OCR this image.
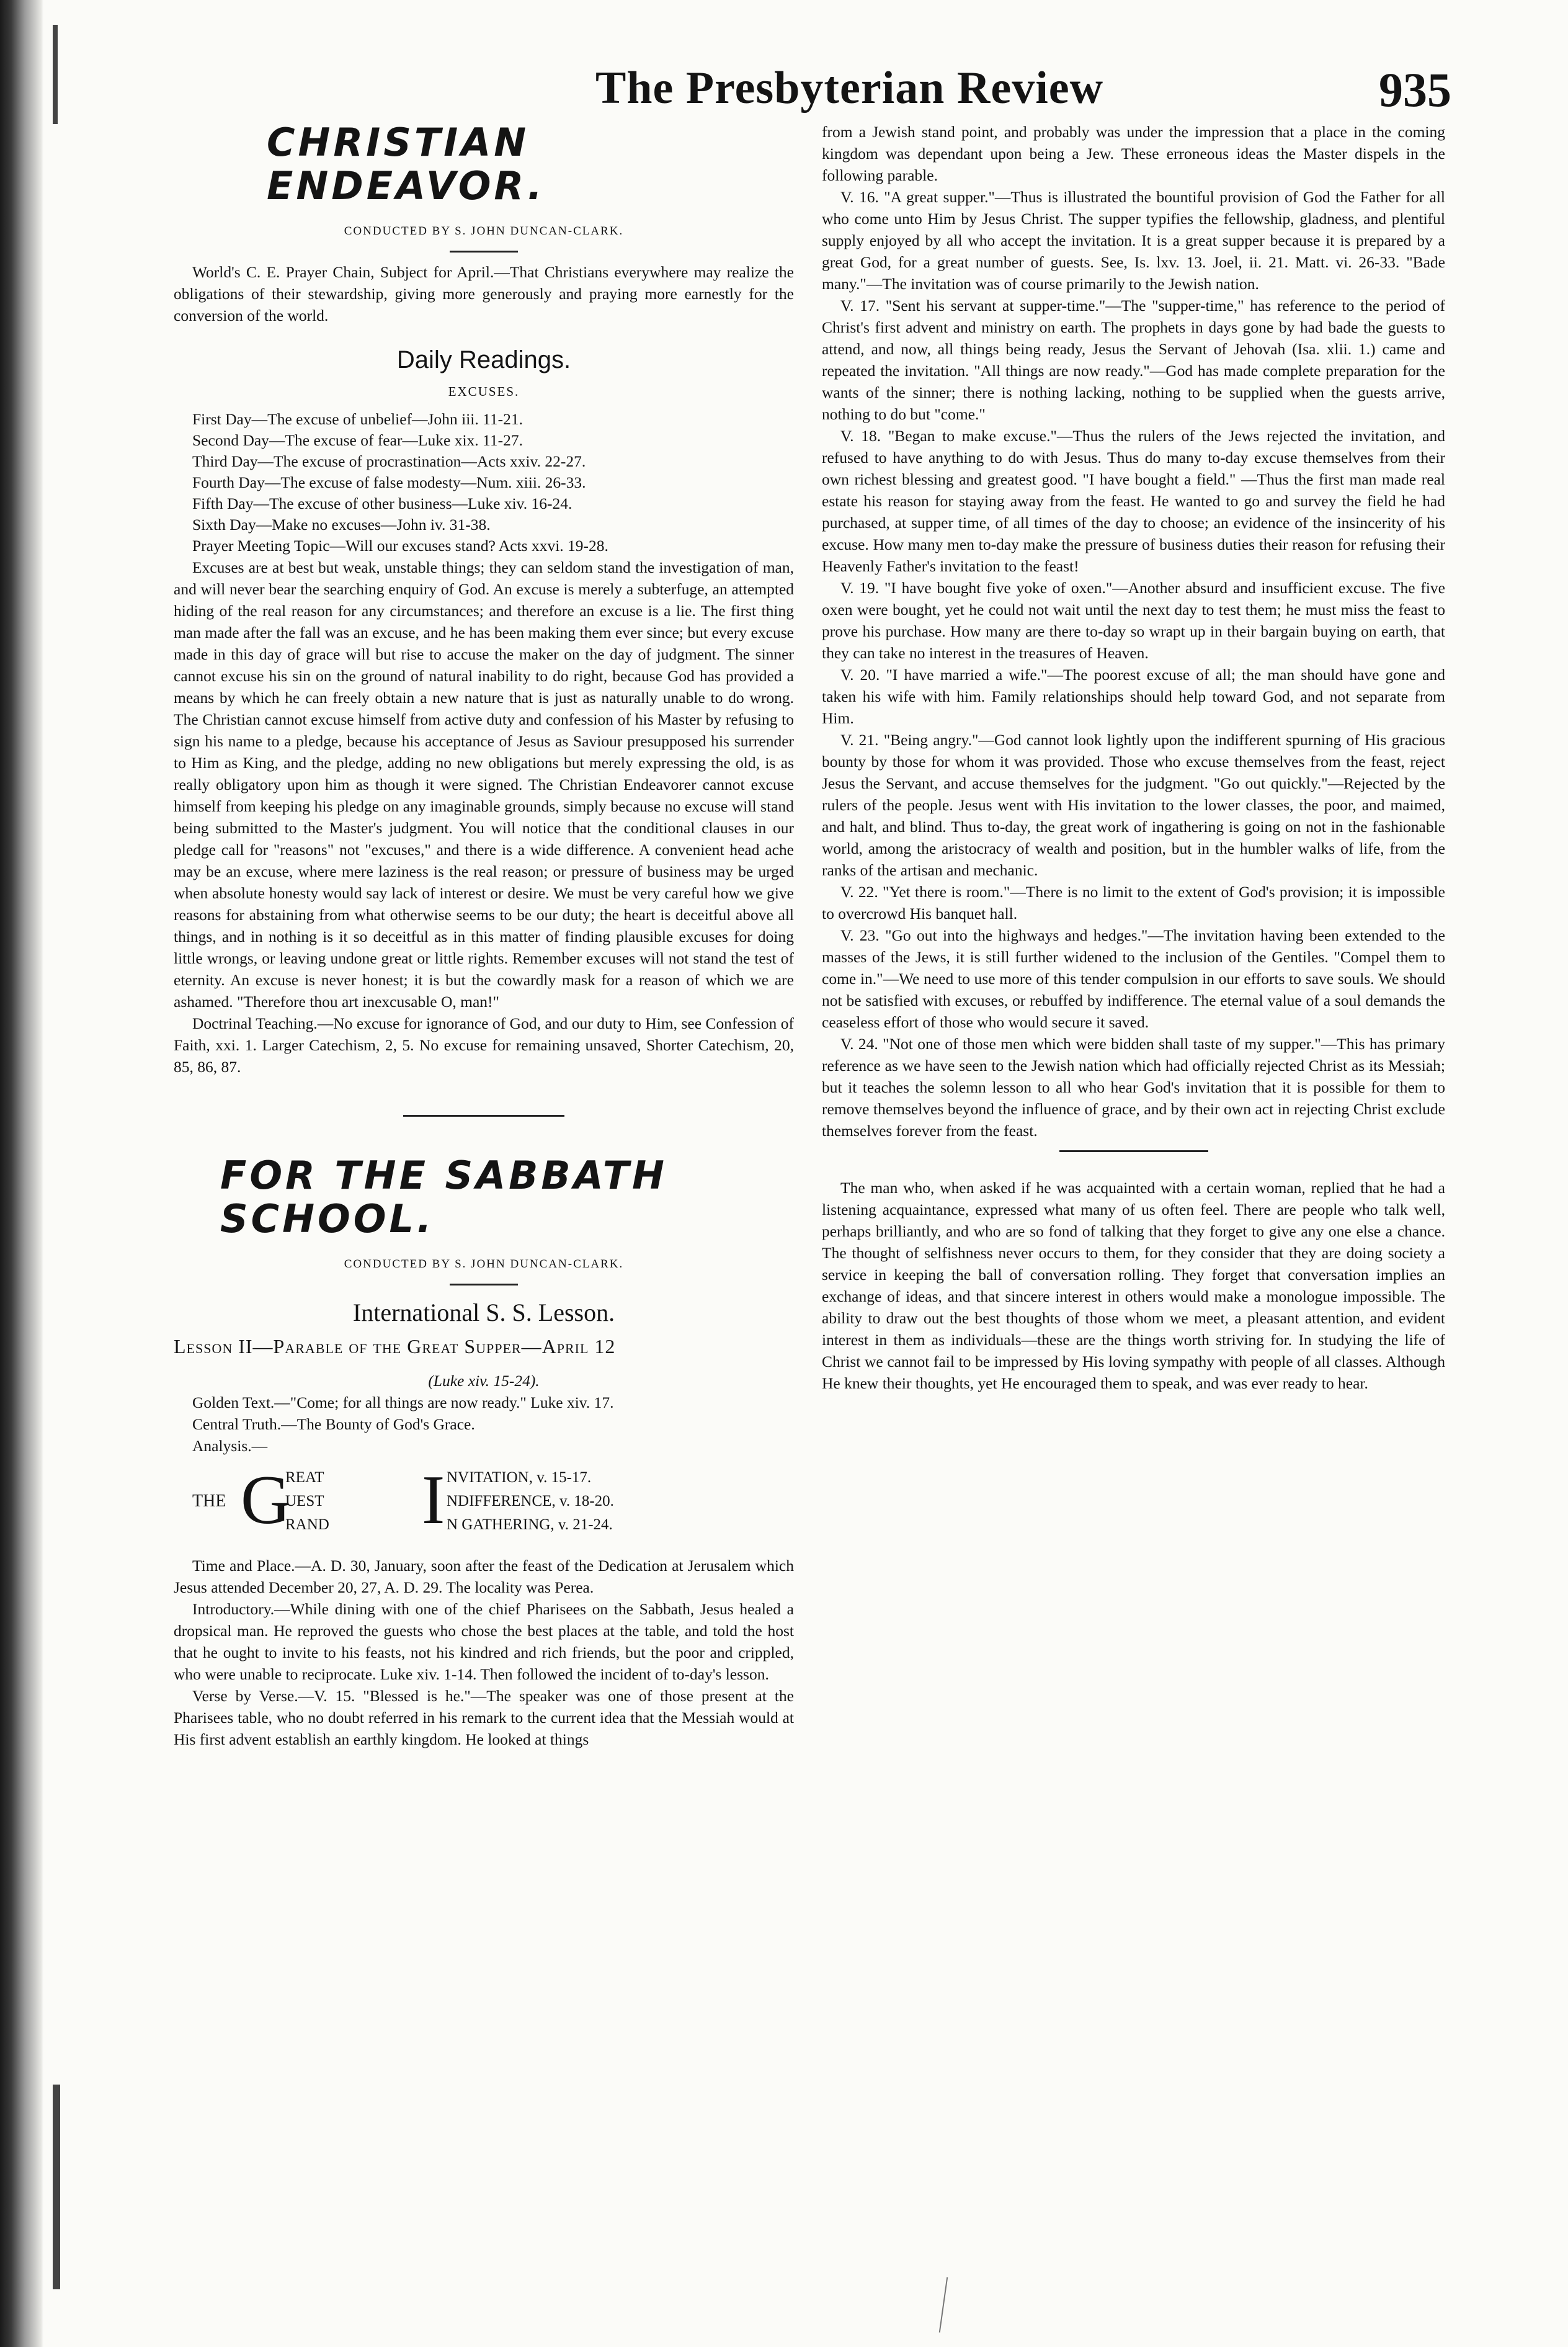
The Presbyterian Review	935
CHRISTIAN ENDEAVOR.

CONDUCTED BY S. JOHN DUNCAN-CLARK.

World's C. E. Prayer Chain, Subject for April.—That Christians everywhere may realize the obligations of their stewardship, giving more generously and praying more earnestly for the conversion of the world.

Daily Readings.

EXCUSES.

First Day—The excuse of unbelief—John iii. 11-21.

Second Day—The excuse of fear—Luke xix. 11-27.

Third Day—The excuse of procrastination—Acts xxiv. 22-27.

Fourth Day—The excuse of false modesty—Num. xiii. 26-33.

Fifth Day—The excuse of other business—Luke xiv. 16-24.

Sixth Day—Make no excuses—John iv. 31-38.

Prayer Meeting Topic—Will our excuses stand? Acts xxvi. 19-28.

Excuses are at best but weak, unstable things; they can seldom stand the investigation of man, and will never bear the searching enquiry of God. An excuse is merely a subterfuge, an attempted hiding of the real reason for any circumstances; and therefore an excuse is a lie. The first thing man made after the fall was an excuse, and he has been making them ever since; but every excuse made in this day of grace will but rise to accuse the maker on the day of judgment. The sinner cannot excuse his sin on the ground of natural inability to do right, because God has provided a means by which he can freely obtain a new nature that is just as naturally unable to do wrong. The Christian cannot excuse himself from active duty and confession of his Master by refusing to sign his name to a pledge, because his acceptance of Jesus as Saviour presupposed his surrender to Him as King, and the pledge, adding no new obligations but merely expressing the old, is as really obligatory upon him as though it were signed. The Christian Endeavorer cannot excuse himself from keeping his pledge on any imaginable grounds, simply because no excuse will stand being submitted to the Master's judgment. You will notice that the conditional clauses in our pledge call for "reasons" not "excuses," and there is a wide difference. A convenient head ache may be an excuse, where mere laziness is the real reason; or pressure of business may be urged when absolute honesty would say lack of interest or desire. We must be very careful how we give reasons for abstaining from what otherwise seems to be our duty; the heart is deceitful above all things, and in nothing is it so deceitful as in this matter of finding plausible excuses for doing little wrongs, or leaving undone great or little rights. Remember excuses will not stand the test of eternity. An excuse is never honest; it is but the cowardly mask for a reason of which we are ashamed. "Therefore thou art inexcusable O, man!"

Doctrinal Teaching.—No excuse for ignorance of God, and our duty to Him, see Confession of Faith, xxi. 1. Larger Catechism, 2, 5. No excuse for remaining unsaved, Shorter Catechism, 20, 85, 86, 87.

FOR THE SABBATH SCHOOL.

CONDUCTED BY S. JOHN DUNCAN-CLARK.

International S. S. Lesson.
Lesson II—Parable of the Great Supper—April 12

(Luke xiv. 15-24).

Golden Text.—"Come; for all things are now ready." Luke xiv. 17.

Central Truth.—The Bounty of God's Grace.

Analysis.—

THE G
REAT
UEST
RAND I NVITATION, v. 15-17.
NDIFFERENCE, v. 18-20.
N GATHERING, v. 21-24.

Time and Place.—A. D. 30, January, soon after the feast of the Dedication at Jerusalem which Jesus attended December 20, 27, A. D. 29. The locality was Perea.

Introductory.—While dining with one of the chief Pharisees on the Sabbath, Jesus healed a dropsical man. He reproved the guests who chose the best places at the table, and told the host that he ought to invite to his feasts, not his kindred and rich friends, but the poor and crippled, who were unable to reciprocate. Luke xiv. 1-14. Then followed the incident of to-day's lesson.

Verse by Verse.—V. 15. "Blessed is he."—The speaker was one of those present at the Pharisees table, who no doubt referred in his remark to the current idea that the Messiah would at His first advent establish an earthly kingdom. He looked at things

from a Jewish stand point, and probably was under the impression that a place in the coming kingdom was dependant upon being a Jew. These erroneous ideas the Master dispels in the following parable.

V. 16. "A great supper."—Thus is illustrated the bountiful provision of God the Father for all who come unto Him by Jesus Christ. The supper typifies the fellowship, gladness, and plentiful supply enjoyed by all who accept the invitation. It is a great supper because it is prepared by a great God, for a great number of guests. See, Is. lxv. 13. Joel, ii. 21. Matt. vi. 26-33. "Bade many."—The invitation was of course primarily to the Jewish nation.

V. 17. "Sent his servant at supper-time."—The "supper-time," has reference to the period of Christ's first advent and ministry on earth. The prophets in days gone by had bade the guests to attend, and now, all things being ready, Jesus the Servant of Jehovah (Isa. xlii. 1.) came and repeated the invitation. "All things are now ready."—God has made complete preparation for the wants of the sinner; there is nothing lacking, nothing to be supplied when the guests arrive, nothing to do but "come."

V. 18. "Began to make excuse."—Thus the rulers of the Jews rejected the invitation, and refused to have anything to do with Jesus. Thus do many to-day excuse themselves from their own richest blessing and greatest good. "I have bought a field." —Thus the first man made real estate his reason for staying away from the feast. He wanted to go and survey the field he had purchased, at supper time, of all times of the day to choose; an evidence of the insincerity of his excuse. How many men to-day make the pressure of business duties their reason for refusing their Heavenly Father's invitation to the feast!

V. 19. "I have bought five yoke of oxen."—Another absurd and insufficient excuse. The five oxen were bought, yet he could not wait until the next day to test them; he must miss the feast to prove his purchase. How many are there to-day so wrapt up in their bargain buying on earth, that they can take no interest in the treasures of Heaven.

V. 20. "I have married a wife."—The poorest excuse of all; the man should have gone and taken his wife with him. Family relationships should help toward God, and not separate from Him.

V. 21. "Being angry."—God cannot look lightly upon the indifferent spurning of His gracious bounty by those for whom it was provided. Those who excuse themselves from the feast, reject Jesus the Servant, and accuse themselves for the judgment. "Go out quickly."—Rejected by the rulers of the people. Jesus went with His invitation to the lower classes, the poor, and maimed, and halt, and blind. Thus to-day, the great work of ingathering is going on not in the fashionable world, among the aristocracy of wealth and position, but in the humbler walks of life, from the ranks of the artisan and mechanic.

V. 22. "Yet there is room."—There is no limit to the extent of God's provision; it is impossible to overcrowd His banquet hall.

V. 23. "Go out into the highways and hedges."—The invitation having been extended to the masses of the Jews, it is still further widened to the inclusion of the Gentiles. "Compel them to come in."—We need to use more of this tender compulsion in our efforts to save souls. We should not be satisfied with excuses, or rebuffed by indifference. The eternal value of a soul demands the ceaseless effort of those who would secure it saved.

V. 24. "Not one of those men which were bidden shall taste of my supper."—This has primary reference as we have seen to the Jewish nation which had officially rejected Christ as its Messiah; but it teaches the solemn lesson to all who hear God's invitation that it is possible for them to remove themselves beyond the influence of grace, and by their own act in rejecting Christ exclude themselves forever from the feast.

The man who, when asked if he was acquainted with a certain woman, replied that he had a listening acquaintance, expressed what many of us often feel. There are people who talk well, perhaps brilliantly, and who are so fond of talking that they forget to give any one else a chance. The thought of selfishness never occurs to them, for they consider that they are doing society a service in keeping the ball of conversation rolling. They forget that conversation implies an exchange of ideas, and that sincere interest in others would make a monologue impossible. The ability to draw out the best thoughts of those whom we meet, a pleasant attention, and evident interest in them as individuals—these are the things worth striving for. In studying the life of Christ we cannot fail to be impressed by His loving sympathy with people of all classes. Although He knew their thoughts, yet He encouraged them to speak, and was ever ready to hear.
